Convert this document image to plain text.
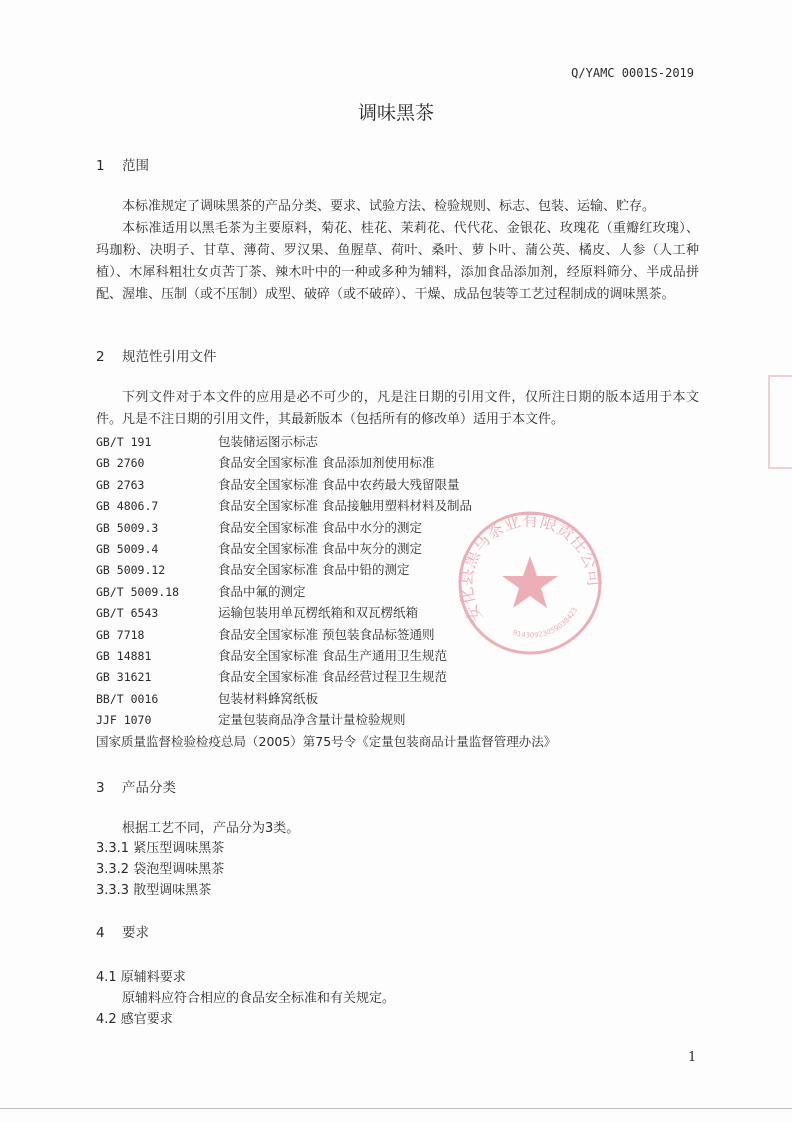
Q/YAMC 0001S-2019
调味黑茶
1 范围
本标准规定了调味黑茶的产品分类、要求、试验方法、检验规则、标志、包装、运输、贮存。
本标准适用以黑毛茶为主要原料，菊花、桂花、茉莉花、代代花、金银花、玫瑰花（重瓣红玫瑰）、玛珈粉、决明子、甘草、薄荷、罗汉果、鱼腥草、荷叶、桑叶、萝卜叶、蒲公英、橘皮、人参（人工种植）、木犀科粗壮女贞苦丁茶、辣木叶中的一种或多种为辅料，添加食品添加剂，经原料筛分、半成品拼配、渥堆、压制（或不压制）成型、破碎（或不破碎）、干燥、成品包装等工艺过程制成的调味黑茶。
2 规范性引用文件
下列文件对于本文件的应用是必不可少的，凡是注日期的引用文件，仅所注日期的版本适用于本文件。凡是不注日期的引用文件，其最新版本（包括所有的修改单）适用于本文件。
GB/T 191	包装储运图示标志
GB 2760	食品安全国家标准 食品添加剂使用标准
GB 2763	食品安全国家标准 食品中农药最大残留限量
GB 4806.7	食品安全国家标准 食品接触用塑料材料及制品
GB 5009.3	食品安全国家标准 食品中水分的测定
GB 5009.4	食品安全国家标准 食品中灰分的测定
GB 5009.12	食品安全国家标准 食品中铅的测定
GB/T 5009.18	食品中氟的测定
GB/T 6543	运输包装用单瓦楞纸箱和双瓦楞纸箱
GB 7718	食品安全国家标准 预包装食品标签通则
GB 14881	食品安全国家标准 食品生产通用卫生规范
GB 31621	食品安全国家标准 食品经营过程卫生规范
BB/T 0016	包装材料蜂窝纸板
JJF 1070	定量包装商品净含量计量检验规则
国家质量监督检验检疫总局（2005）第75号令《定量包装商品计量监督管理办法》
3 产品分类
根据工艺不同，产品分为3类。
3.3.1 紧压型调味黑茶
3.3.2 袋泡型调味黑茶
3.3.3 散型调味黑茶
4 要求
4.1 原辅料要求
原辅料应符合相应的食品安全标准和有关规定。
4.2 感官要求
1
安化县黑马茶业有限责任公司
91430923059038423
